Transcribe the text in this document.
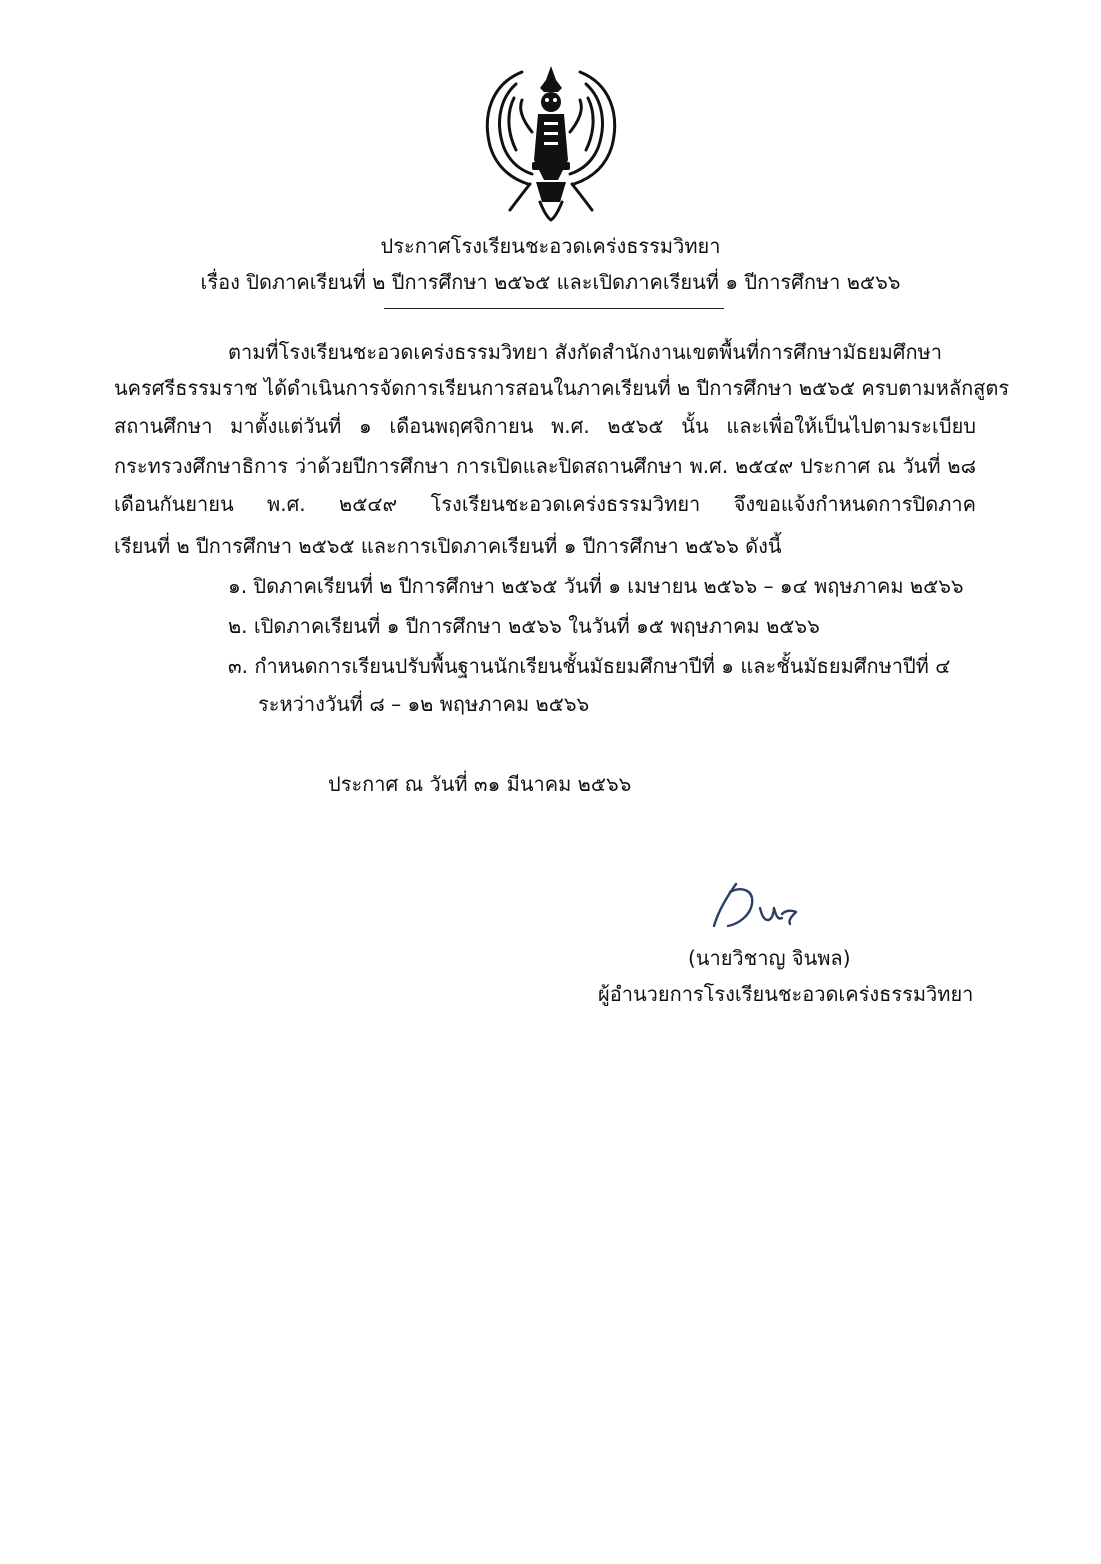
ประกาศโรงเรียนชะอวดเคร่งธรรมวิทยา
เรื่อง ปิดภาคเรียนที่ ๒ ปีการศึกษา ๒๕๖๕ และเปิดภาคเรียนที่ ๑ ปีการศึกษา ๒๕๖๖
ตามที่โรงเรียนชะอวดเคร่งธรรมวิทยา สังกัดสำนักงานเขตพื้นที่การศึกษามัธยมศึกษา
นครศรีธรรมราช ได้ดำเนินการจัดการเรียนการสอนในภาคเรียนที่ ๒ ปีการศึกษา ๒๕๖๕ ครบตามหลักสูตร
สถานศึกษา มาตั้งแต่วันที่ ๑ เดือนพฤศจิกายน พ.ศ. ๒๕๖๕ นั้น และเพื่อให้เป็นไปตามระเบียบ
กระทรวงศึกษาธิการ ว่าด้วยปีการศึกษา การเปิดและปิดสถานศึกษา พ.ศ. ๒๕๔๙ ประกาศ ณ วันที่ ๒๘
เดือนกันยายน พ.ศ. ๒๕๔๙ โรงเรียนชะอวดเคร่งธรรมวิทยา จึงขอแจ้งกำหนดการปิดภาค
เรียนที่ ๒ ปีการศึกษา ๒๕๖๕ และการเปิดภาคเรียนที่ ๑ ปีการศึกษา ๒๕๖๖ ดังนี้
๑. ปิดภาคเรียนที่ ๒ ปีการศึกษา ๒๕๖๕ วันที่ ๑ เมษายน ๒๕๖๖ – ๑๔ พฤษภาคม ๒๕๖๖
๒. เปิดภาคเรียนที่ ๑ ปีการศึกษา ๒๕๖๖ ในวันที่ ๑๕ พฤษภาคม ๒๕๖๖
๓. กำหนดการเรียนปรับพื้นฐานนักเรียนชั้นมัธยมศึกษาปีที่ ๑ และชั้นมัธยมศึกษาปีที่ ๔
ระหว่างวันที่ ๘ – ๑๒ พฤษภาคม ๒๕๖๖
ประกาศ ณ วันที่ ๓๑ มีนาคม ๒๕๖๖
(นายวิชาญ จินพล)
ผู้อำนวยการโรงเรียนชะอวดเคร่งธรรมวิทยา
